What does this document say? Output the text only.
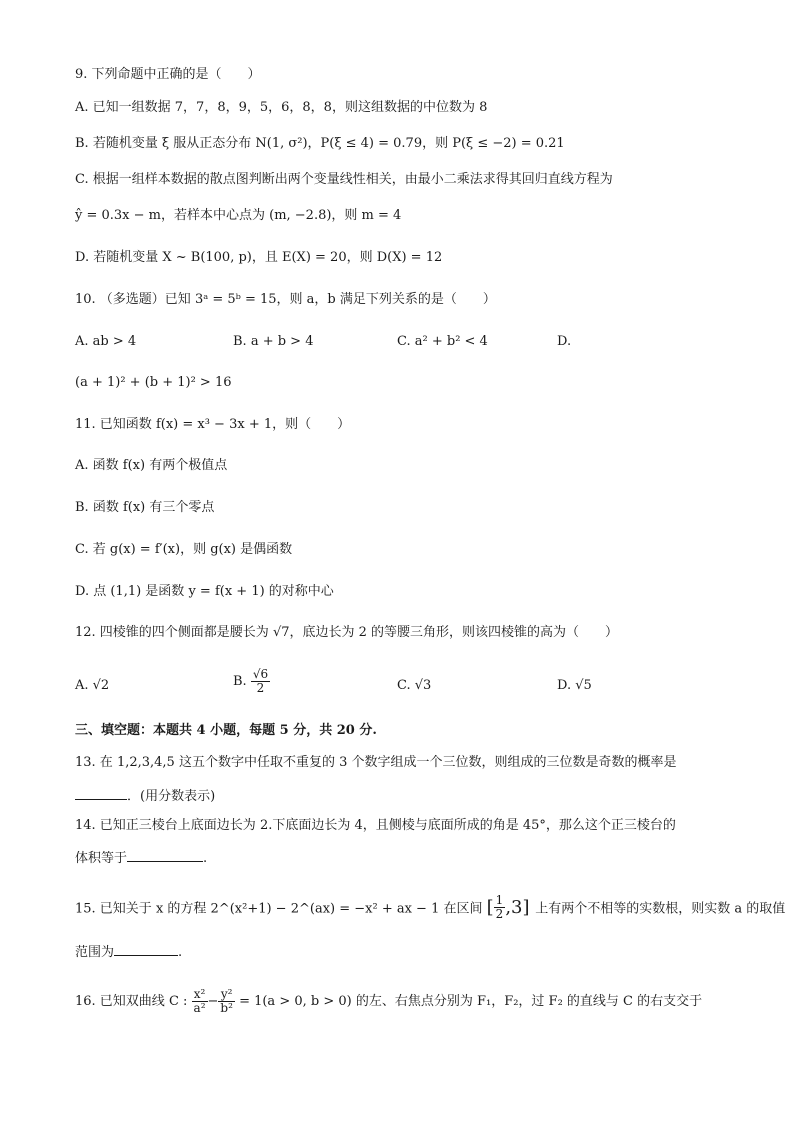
9. 下列命题中正确的是（　　）
A. 已知一组数据 7，7，8，9，5，6，8，8，则这组数据的中位数为 8
B. 若随机变量 ξ 服从正态分布 N(1, σ²)，P(ξ ≤ 4) = 0.79，则 P(ξ ≤ −2) = 0.21
C. 根据一组样本数据的散点图判断出两个变量线性相关，由最小二乘法求得其回归直线方程为
ŷ = 0.3x − m，若样本中心点为 (m, −2.8)，则 m = 4
D. 若随机变量 X ~ B(100, p)，且 E(X) = 20，则 D(X) = 12
10. （多选题）已知 3ᵃ = 5ᵇ = 15，则 a，b 满足下列关系的是（　　）
A. ab > 4	B. a + b > 4	C. a² + b² < 4	D.
(a + 1)² + (b + 1)² > 16
11. 已知函数 f(x) = x³ − 3x + 1，则（　　）
A. 函数 f(x) 有两个极值点
B. 函数 f(x) 有三个零点
C. 若 g(x) = f′(x)，则 g(x) 是偶函数
D. 点 (1,1) 是函数 y = f(x + 1) 的对称中心
12. 四棱锥的四个侧面都是腰长为 √7，底边长为 2 的等腰三角形，则该四棱锥的高为（　　）
A. √2	B. $\frac{√6}{2}$	C. √3	D. √5
三、填空题：本题共 4 小题，每题 5 分，共 20 分.
13. 在 1,2,3,4,5 这五个数字中任取不重复的 3 个数字组成一个三位数，则组成的三位数是奇数的概率是
．(用分数表示)
14. 已知正三棱台上底面边长为 2.下底面边长为 4，且侧棱与底面所成的角是 45°，那么这个正三棱台的
体积等于	.
15. 已知关于 x 的方程 2^(x²+1) − 2^(ax) = −x² + ax − 1 在区间 [ $\frac{1}{2} ,3$] 上有两个不相等的实数根，则实数 a 的取值
范围为	.
16. 已知双曲线 C : $\frac{\text{x²}}{\text{a²}} - \frac{\text{y²}}{\text{b²}} = 1(a > 0$, b > 0) 的左、右焦点分别为 F₁，F₂，过 F₂ 的直线与 C 的右支交于
